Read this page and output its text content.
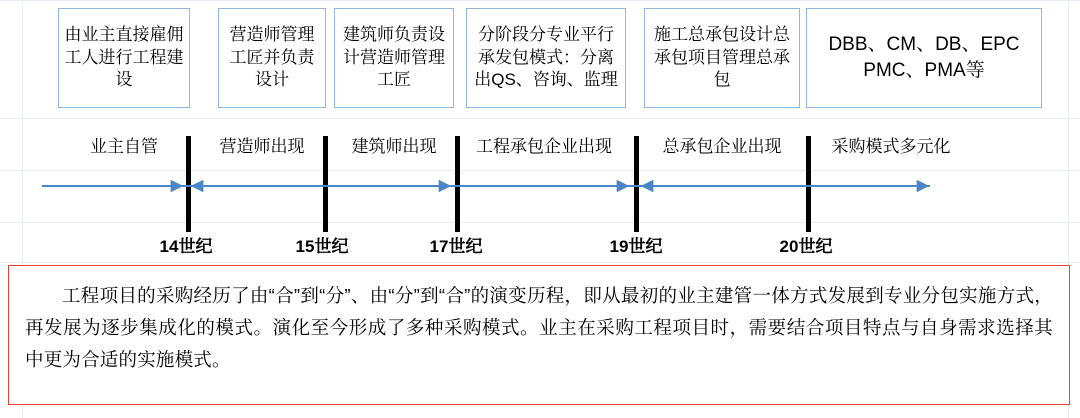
由业主直接雇佣工人进行工程建设
营造师管理工匠并负责设计
建筑师负责设计营造师管理工匠
分阶段分专业平行承发包模式：分离出QS、咨询、监理
施工总承包设计总承包项目管理总承包
DBB、CM、DB、EPC PMC、PMA等
业主自管	营造师出现	建筑师出现	工程承包企业出现	总承包企业出现	采购模式多元化
14世纪	15世纪	17世纪	19世纪	20世纪

工程项目的采购经历了由“合”到“分”、由“分”到“合”的演变历程，即从最初的业主建管一体方式发展到专业分包实施方式，再发展为逐步集成化的模式。演化至今形成了多种采购模式。业主在采购工程项目时，需要结合项目特点与自身需求选择其中更为合适的实施模式。
